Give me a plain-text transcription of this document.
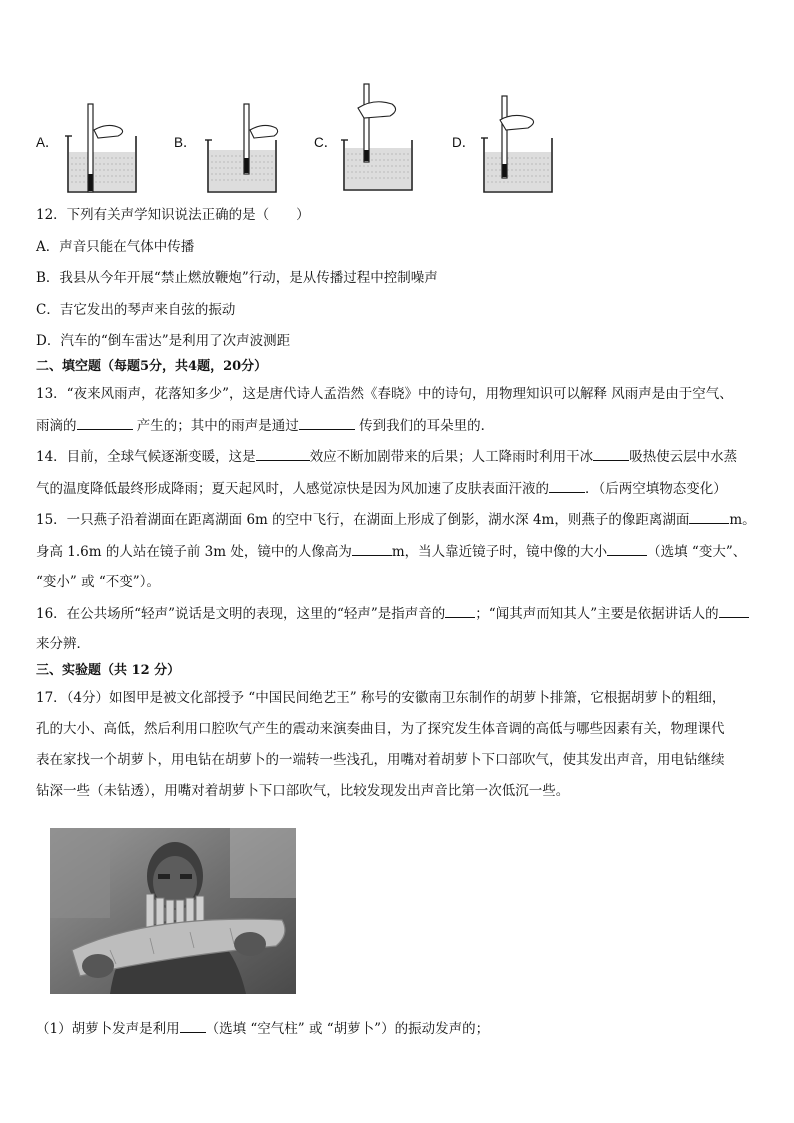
A．	B．	C．	D．
12．下列有关声学知识说法正确的是（　　）
A．声音只能在气体中传播
B．我县从今年开展“禁止燃放鞭炮”行动，是从传播过程中控制噪声
C．吉它发出的琴声来自弦的振动
D．汽车的“倒车雷达”是利用了次声波测距
二、填空题（每题5分，共4题，20分）
13．“夜来风雨声，花落知多少”，这是唐代诗人孟浩然《春晓》中的诗句，用物理知识可以解释 风雨声是由于空气、
雨滴的	产生的；其中的雨声是通过	传到我们的耳朵里的．
14．目前，全球气候逐渐变暖，这是	效应不断加剧带来的后果；人工降雨时利用干冰	吸热使云层中水蒸
气的温度降低最终形成降雨；夏天起风时，人感觉凉快是因为风加速了皮肤表面汗液的	．（后两空填物态变化）
15．一只燕子沿着湖面在距离湖面 6m 的空中飞行，在湖面上形成了倒影，湖水深 4m，则燕子的像距离湖面	m。
身高 1.6m 的人站在镜子前 3m 处，镜中的人像高为	m，当人靠近镜子时，镜中像的大小	（选填 “变大”、
“变小” 或 “不变”）。
16．在公共场所“轻声”说话是文明的表现，这里的“轻声”是指声音的 ；“闻其声而知其人”主要是依据讲话人的
来分辨．
三、实验题（共 12 分）
17．（4分）如图甲是被文化部授予 “中国民间绝艺王” 称号的安徽南卫东制作的胡萝卜排箫，它根据胡萝卜的粗细，
孔的大小、高低，然后利用口腔吹气产生的震动来演奏曲目，为了探究发生体音调的高低与哪些因素有关，物理课代
表在家找一个胡萝卜，用电钻在胡萝卜的一端转一些浅孔，用嘴对着胡萝卜下口部吹气，使其发出声音，用电钻继续
钻深一些（未钻透），用嘴对着胡萝卜下口部吹气，比较发现发出声音比第一次低沉一些。
（1）胡萝卜发声是利用 （选填 “空气柱” 或 “胡萝卜”）的振动发声的；
